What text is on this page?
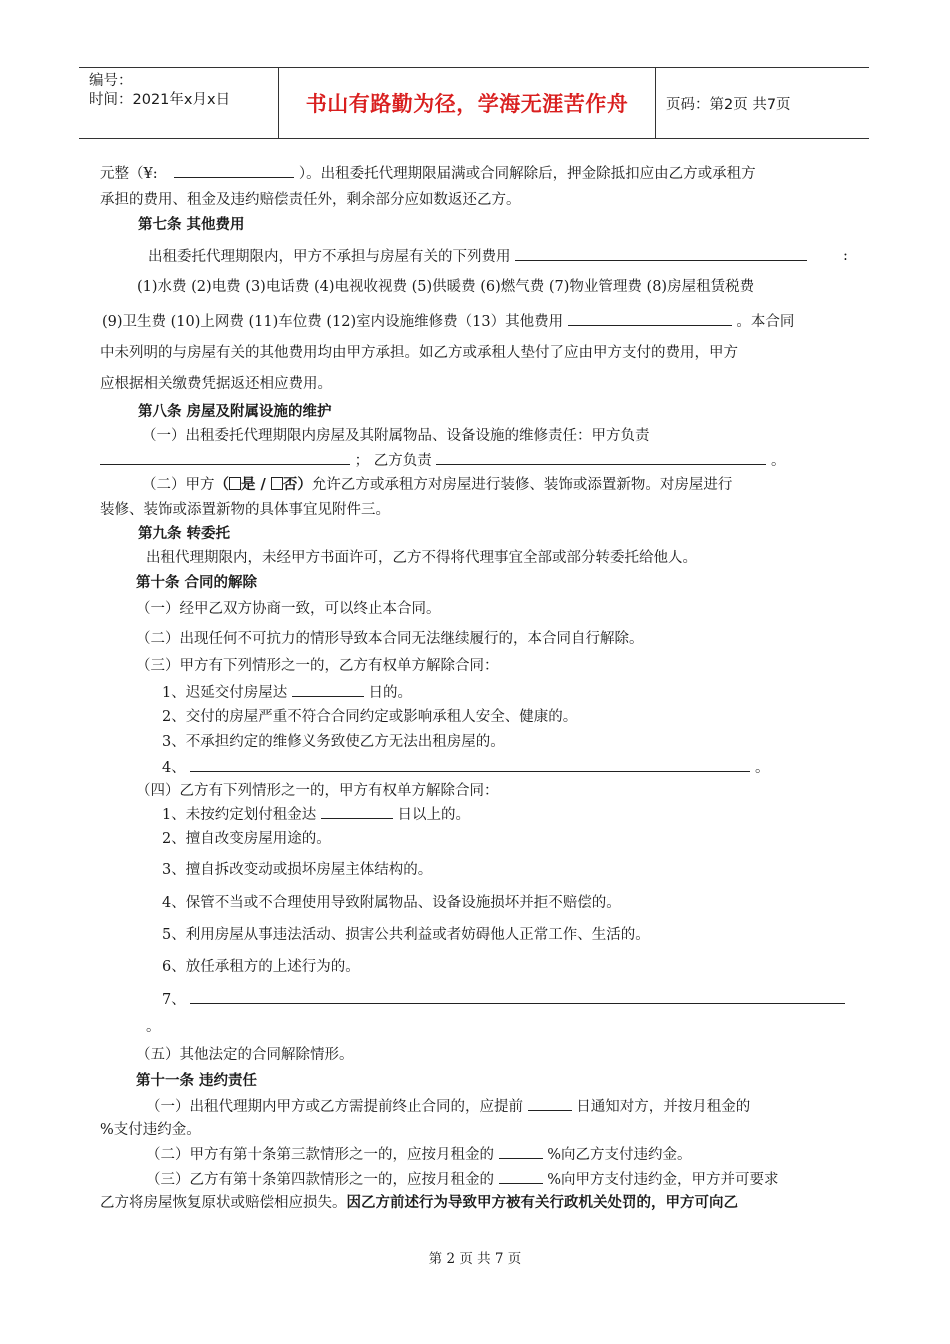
编号：
时间：2021年x月x日	书山有路勤为径，学海无涯苦作舟	页码：第2页 共7页
元整（¥:	）。出租委托代理期限届满或合同解除后，押金除抵扣应由乙方或承租方
承担的费用、租金及违约赔偿责任外，剩余部分应如数返还乙方。
第七条 其他费用
出租委托代理期限内，甲方不承担与房屋有关的下列费用	:
(1)水费 (2)电费 (3)电话费 (4)电视收视费 (5)供暖费 (6)燃气费 (7)物业管理费 (8)房屋租赁税费
(9)卫生费 (10)上网费 (11)车位费 (12)室内设施维修费（13）其他费用	。本合同
中未列明的与房屋有关的其他费用均由甲方承担。如乙方或承租人垫付了应由甲方支付的费用，甲方
应根据相关缴费凭据返还相应费用。
第八条 房屋及附属设施的维护
（一）出租委托代理期限内房屋及其附属物品、设备设施的维修责任：甲方负责
； 乙方负责	。
（二）甲方（ 是 / 否）允许乙方或承租方对房屋进行装修、装饰或添置新物。对房屋进行
装修、装饰或添置新物的具体事宜见附件三。
第九条 转委托
出租代理期限内，未经甲方书面许可，乙方不得将代理事宜全部或部分转委托给他人。
第十条 合同的解除
（一）经甲乙双方协商一致，可以终止本合同。
（二）出现任何不可抗力的情形导致本合同无法继续履行的，本合同自行解除。
（三）甲方有下列情形之一的，乙方有权单方解除合同：
1、迟延交付房屋达	日的。
2、交付的房屋严重不符合合同约定或影响承租人安全、健康的。
3、不承担约定的维修义务致使乙方无法出租房屋的。
4、	。
（四）乙方有下列情形之一的，甲方有权单方解除合同：
1、未按约定划付租金达	日以上的。
2、擅自改变房屋用途的。
3、擅自拆改变动或损坏房屋主体结构的。
4、保管不当或不合理使用导致附属物品、设备设施损坏并拒不赔偿的。
5、利用房屋从事违法活动、损害公共利益或者妨碍他人正常工作、生活的。
6、放任承租方的上述行为的。
7、
。
（五）其他法定的合同解除情形。
第十一条 违约责任
（一）出租代理期内甲方或乙方需提前终止合同的，应提前	日通知对方，并按月租金的
%支付违约金。
（二）甲方有第十条第三款情形之一的，应按月租金的	%向乙方支付违约金。
（三）乙方有第十条第四款情形之一的，应按月租金的	%向甲方支付违约金，甲方并可要求
乙方将房屋恢复原状或赔偿相应损失。因乙方前述行为导致甲方被有关行政机关处罚的，甲方可向乙
第 2 页 共 7 页
